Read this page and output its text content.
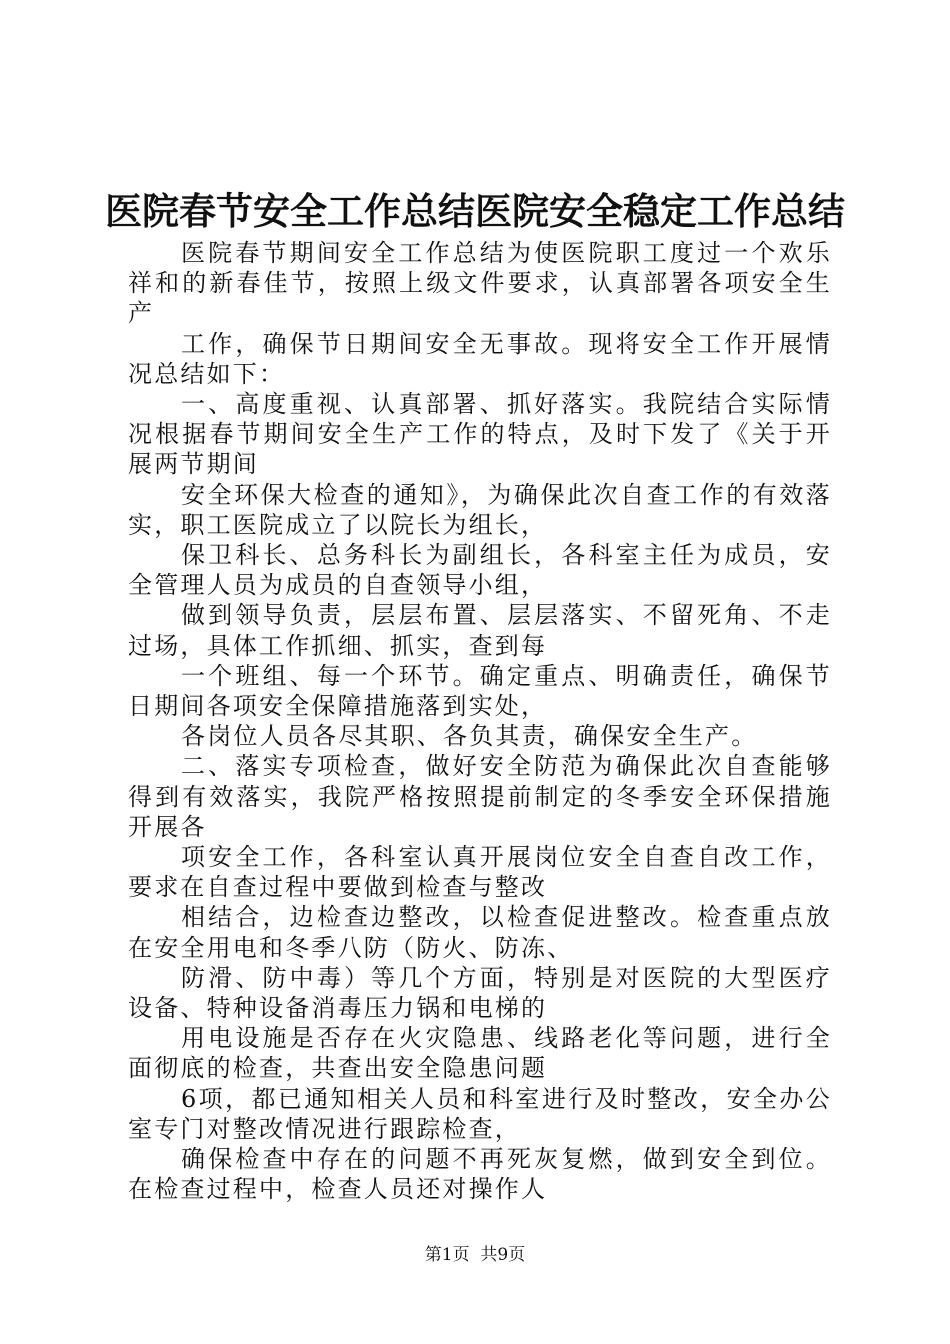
医院春节安全工作总结医院安全稳定工作总结

医院春节期间安全工作总结为使医院职工度过一个欢乐祥和的新春佳节，按照上级文件要求，认真部署各项安全生产

工作，确保节日期间安全无事故。现将安全工作开展情况总结如下：

一、高度重视、认真部署、抓好落实。我院结合实际情况根据春节期间安全生产工作的特点，及时下发了《关于开展两节期间

安全环保大检查的通知》，为确保此次自查工作的有效落实，职工医院成立了以院长为组长，

保卫科长、总务科长为副组长，各科室主任为成员，安全管理人员为成员的自查领导小组，

做到领导负责，层层布置、层层落实、不留死角、不走过场，具体工作抓细、抓实，查到每

一个班组、每一个环节。确定重点、明确责任，确保节日期间各项安全保障措施落到实处，

各岗位人员各尽其职、各负其责，确保安全生产。

二、落实专项检查，做好安全防范为确保此次自查能够得到有效落实，我院严格按照提前制定的冬季安全环保措施开展各

项安全工作，各科室认真开展岗位安全自查自改工作，要求在自查过程中要做到检查与整改

相结合，边检查边整改，以检查促进整改。检查重点放在安全用电和冬季八防（防火、防冻、

防滑、防中毒）等几个方面，特别是对医院的大型医疗设备、特种设备消毒压力锅和电梯的

用电设施是否存在火灾隐患、线路老化等问题，进行全面彻底的检查，共查出安全隐患问题

6项，都已通知相关人员和科室进行及时整改，安全办公室专门对整改情况进行跟踪检查，

确保检查中存在的问题不再死灰复燃，做到安全到位。在检查过程中，检查人员还对操作人

第1页  共9页
